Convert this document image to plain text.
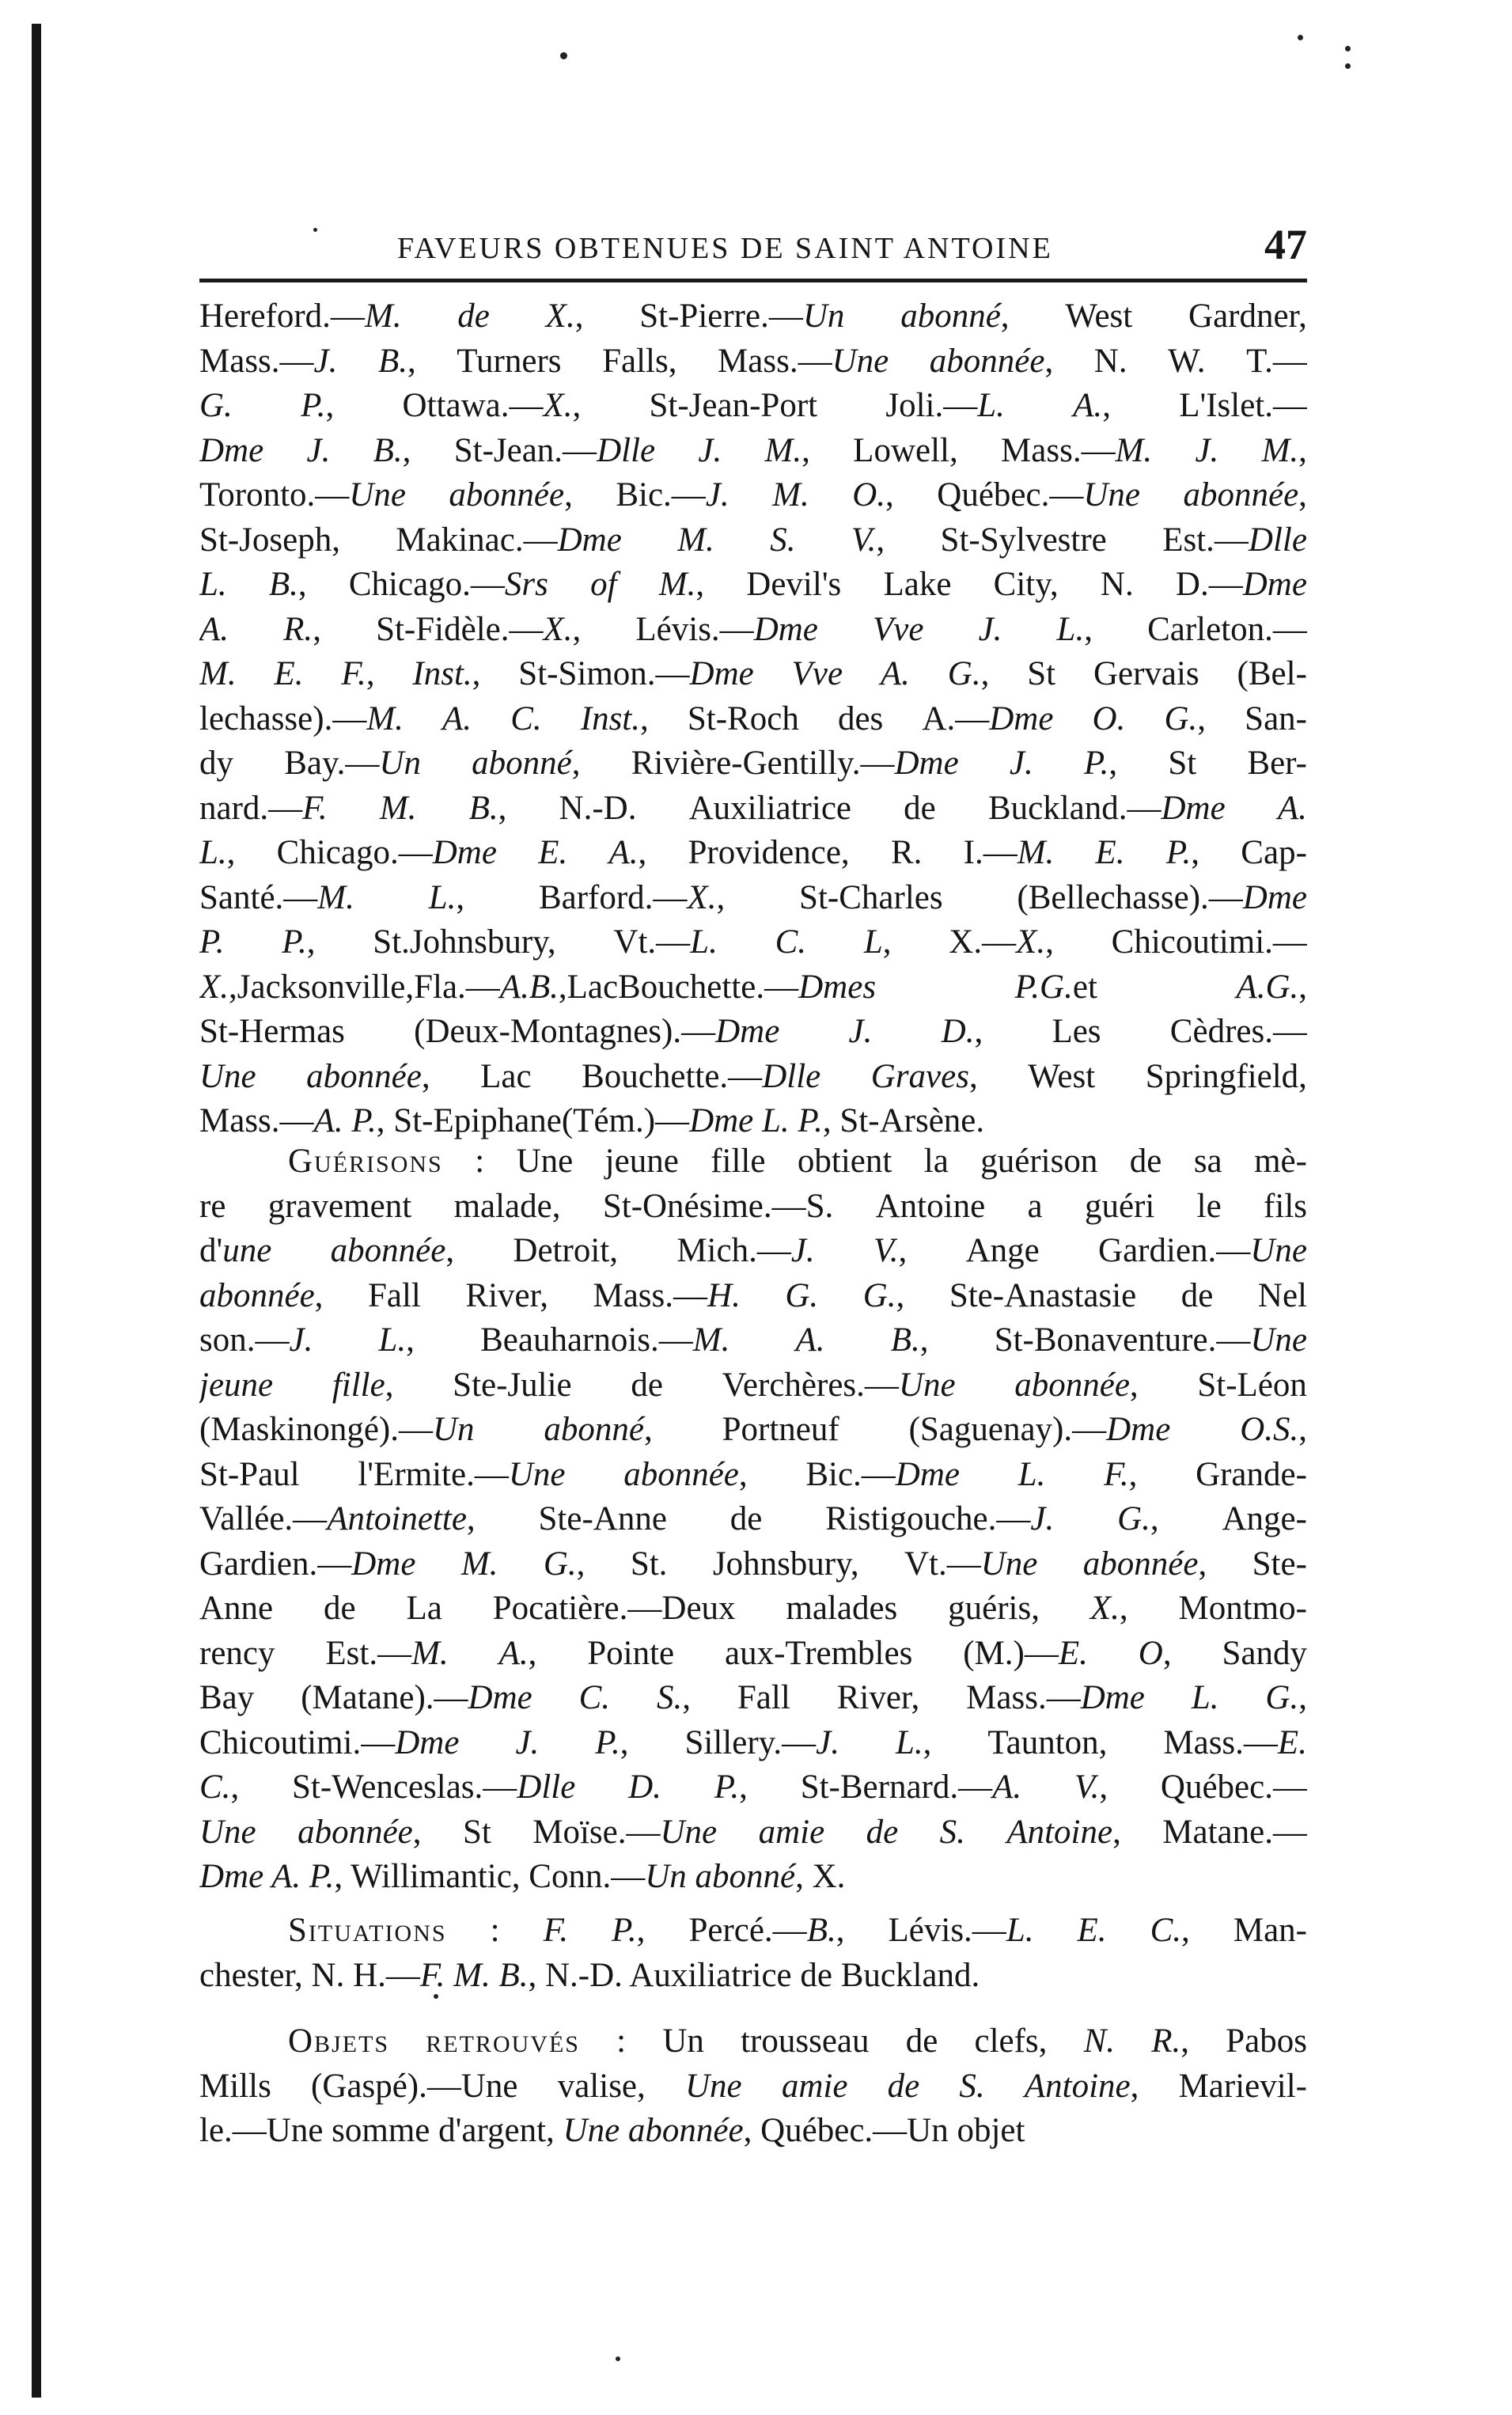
FAVEURS OBTENUES DE SAINT ANTOINE	47
Hereford.—M. de X., St-Pierre.—Un abonné, West Gardner,
Mass.—J. B., Turners Falls, Mass.—Une abonnée, N. W. T.—
G. P., Ottawa.—X., St-Jean-Port Joli.—L. A., L'Islet.—
Dme J. B., St-Jean.—Dlle J. M., Lowell, Mass.—M. J. M.,
Toronto.—Une abonnée, Bic.—J. M. O., Québec.—Une abonnée,
St-Joseph, Makinac.—Dme M. S. V., St-Sylvestre Est.—Dlle
L. B., Chicago.—Srs of M., Devil's Lake City, N. D.—Dme
A. R., St-Fidèle.—X., Lévis.—Dme Vve J. L., Carleton.—
M. E. F., Inst., St-Simon.—Dme Vve A. G., St Gervais (Bel-
lechasse).—M. A. C. Inst., St-Roch des A.—Dme O. G., San-
dy Bay.—Un abonné, Rivière-Gentilly.—Dme J. P., St Ber-
nard.—F. M. B., N.-D. Auxiliatrice de Buckland.—Dme A.
L., Chicago.—Dme E. A., Providence, R. I.—M. E. P., Cap-
Santé.—M. L., Barford.—X., St-Charles (Bellechasse).—Dme
P. P., St.Johnsbury, Vt.—L. C. L, X.—X., Chicoutimi.—
X.,Jacksonville,Fla.—A.B.,LacBouchette.—Dmes	P.G.et	A.G.,
St-Hermas (Deux-Montagnes).—Dme J. D., Les Cèdres.—
Une abonnée, Lac Bouchette.—Dlle Graves, West Springfield,
Mass.— A. P. , St-Epiphane(Tém.)— Dme L. P. , St-Arsène.
Guérisons : Une jeune fille obtient la guérison de sa mè-
re gravement malade, St-Onésime.—S. Antoine a guéri le fils
d'une abonnée, Detroit, Mich.—J. V., Ange Gardien.—Une
abonnée, Fall River, Mass.—H. G. G., Ste-Anastasie de Nel
son.—J. L., Beauharnois.—M. A. B., St-Bonaventure.—Une
jeune fille, Ste-Julie de Verchères.—Une abonnée, St-Léon
(Maskinongé).—Un abonné, Portneuf (Saguenay).—Dme O.S.,
St-Paul l'Ermite.—Une abonnée, Bic.—Dme L. F., Grande-
Vallée.—Antoinette, Ste-Anne de Ristigouche.—J. G., Ange-
Gardien.—Dme M. G., St. Johnsbury, Vt.—Une abonnée, Ste-
Anne de La Pocatière.—Deux malades guéris, X., Montmo-
rency Est.—M. A., Pointe aux-Trembles (M.)—E. O, Sandy
Bay (Matane).—Dme C. S., Fall River, Mass.—Dme L. G.,
Chicoutimi.—Dme J. P., Sillery.—J. L., Taunton, Mass.—E.
C., St-Wenceslas.—Dlle D. P., St-Bernard.—A. V., Québec.—
Une abonnée, St Moïse.—Une amie de S. Antoine, Matane.—
Dme A. P. , Willimantic, Conn.— Un abonné , X.
Situations : F. P., Percé.—B., Lévis.—L. E. C., Man-
chester, N. H.— F. M. B. , N.-D. Auxiliatrice de Buckland.
Objets retrouvés : Un trousseau de clefs, N. R., Pabos
Mills (Gaspé).—Une valise, Une amie de S. Antoine, Marievil-
le.—Une somme d'argent, Une abonnée , Québec.—Un objet
